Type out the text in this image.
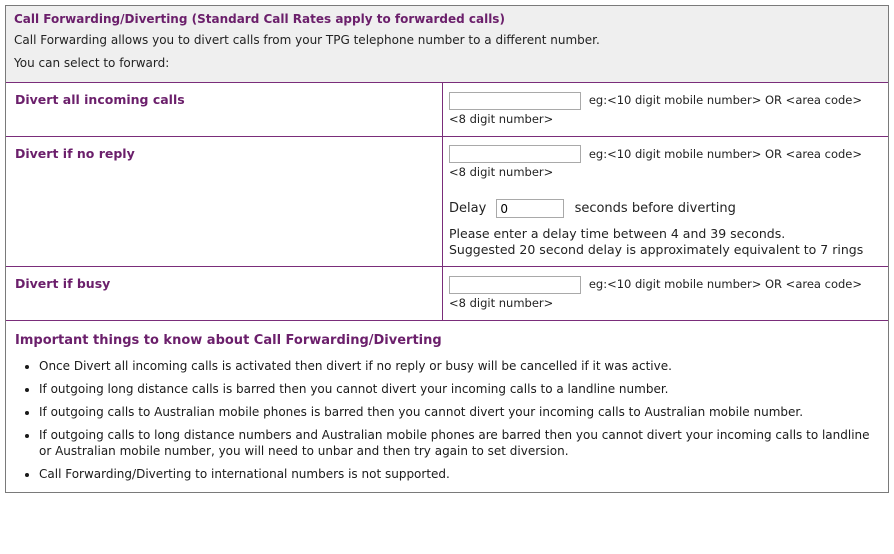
Call Forwarding/Diverting (Standard Call Rates apply to forwarded calls)
Call Forwarding allows you to divert calls from your TPG telephone number to a different number.
You can select to forward:
Divert all incoming calls	eg:<10 digit mobile number> OR <area code> <8 digit number>
Divert if no reply	eg:<10 digit mobile number> OR <area code> <8 digit number>
Delay 0	seconds before diverting
Please enter a delay time between 4 and 39 seconds.
Suggested 20 second delay is approximately equivalent to 7 rings
Divert if busy	eg:<10 digit mobile number> OR <area code> <8 digit number>
Important things to know about Call Forwarding/Diverting
• Once Divert all incoming calls is activated then divert if no reply or busy will be cancelled if it was active.
• If outgoing long distance calls is barred then you cannot divert your incoming calls to a landline number.
• If outgoing calls to Australian mobile phones is barred then you cannot divert your incoming calls to Australian mobile number.
• If outgoing calls to long distance numbers and Australian mobile phones are barred then you cannot divert your incoming calls to landline or Australian mobile number, you will need to unbar and then try again to set diversion.
• Call Forwarding/Diverting to international numbers is not supported.
